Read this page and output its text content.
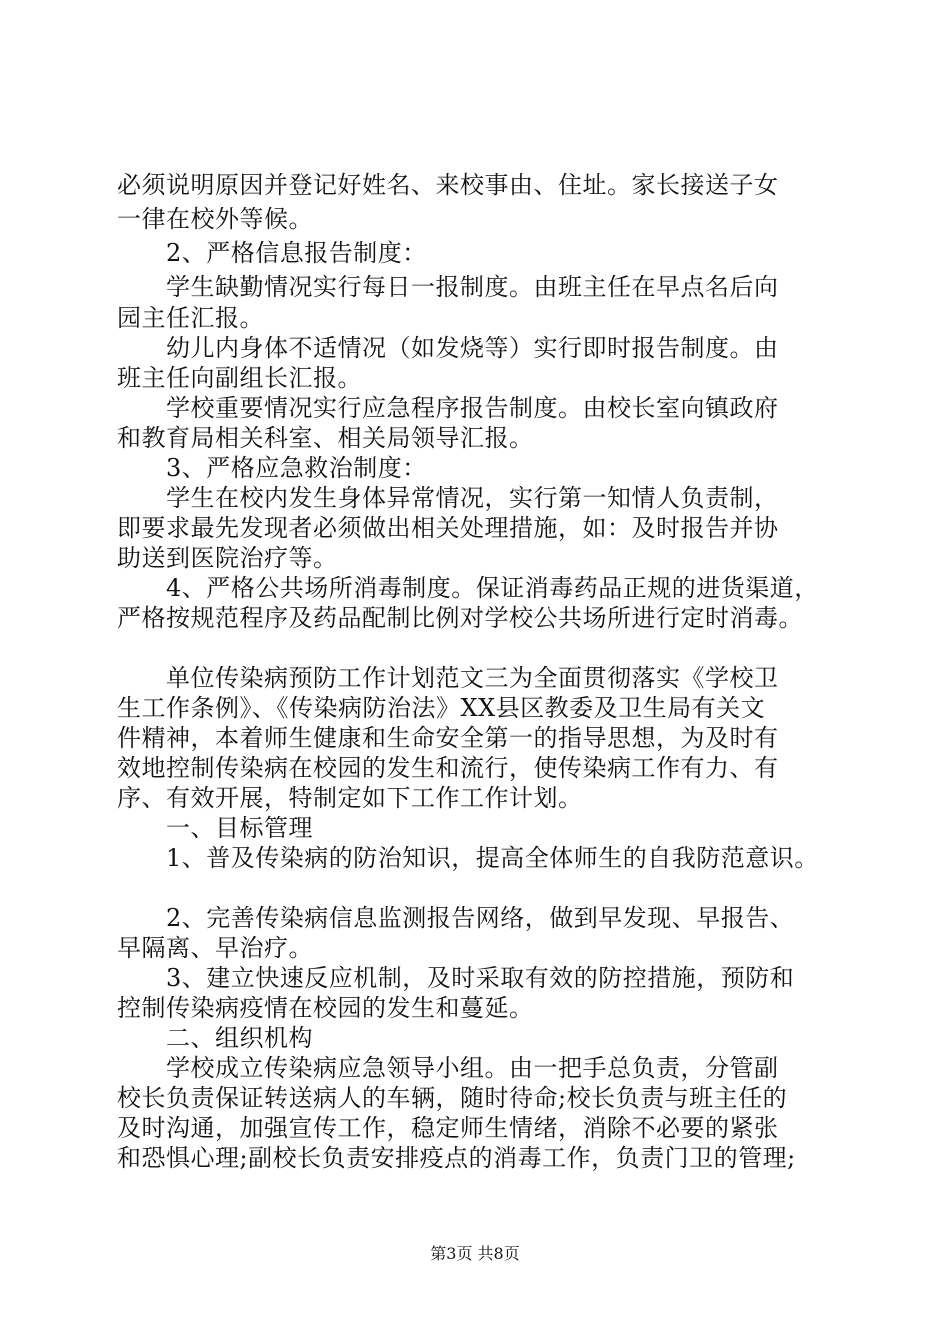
必须说明原因并登记好姓名、来校事由、住址。家长接送子女
一律在校外等候。
　　2、严格信息报告制度：
　　学生缺勤情况实行每日一报制度。由班主任在早点名后向
园主任汇报。
　　幼儿内身体不适情况（如发烧等）实行即时报告制度。由
班主任向副组长汇报。
　　学校重要情况实行应急程序报告制度。由校长室向镇政府
和教育局相关科室、相关局领导汇报。
　　3、严格应急救治制度：
　　学生在校内发生身体异常情况，实行第一知情人负责制，
即要求最先发现者必须做出相关处理措施，如：及时报告并协
助送到医院治疗等。
　　4、严格公共场所消毒制度。保证消毒药品正规的进货渠道，
严格按规范程序及药品配制比例对学校公共场所进行定时消毒。
　　单位传染病预防工作计划范文三为全面贯彻落实《学校卫
生工作条例》、《传染病防治法》XX县区教委及卫生局有关文
件精神，本着师生健康和生命安全第一的指导思想，为及时有
效地控制传染病在校园的发生和流行，使传染病工作有力、有
序、有效开展，特制定如下工作工作计划。
　　一、目标管理
　　1、普及传染病的防治知识，提高全体师生的自我防范意识。
　　2、完善传染病信息监测报告网络，做到早发现、早报告、
早隔离、早治疗。
　　3、建立快速反应机制，及时采取有效的防控措施，预防和
控制传染病疫情在校园的发生和蔓延。
　　二、组织机构
　　学校成立传染病应急领导小组。由一把手总负责，分管副
校长负责保证转送病人的车辆，随时待命;校长负责与班主任的
及时沟通，加强宣传工作，稳定师生情绪，消除不必要的紧张
和恐惧心理;副校长负责安排疫点的消毒工作，负责门卫的管理;
第3页 共8页
